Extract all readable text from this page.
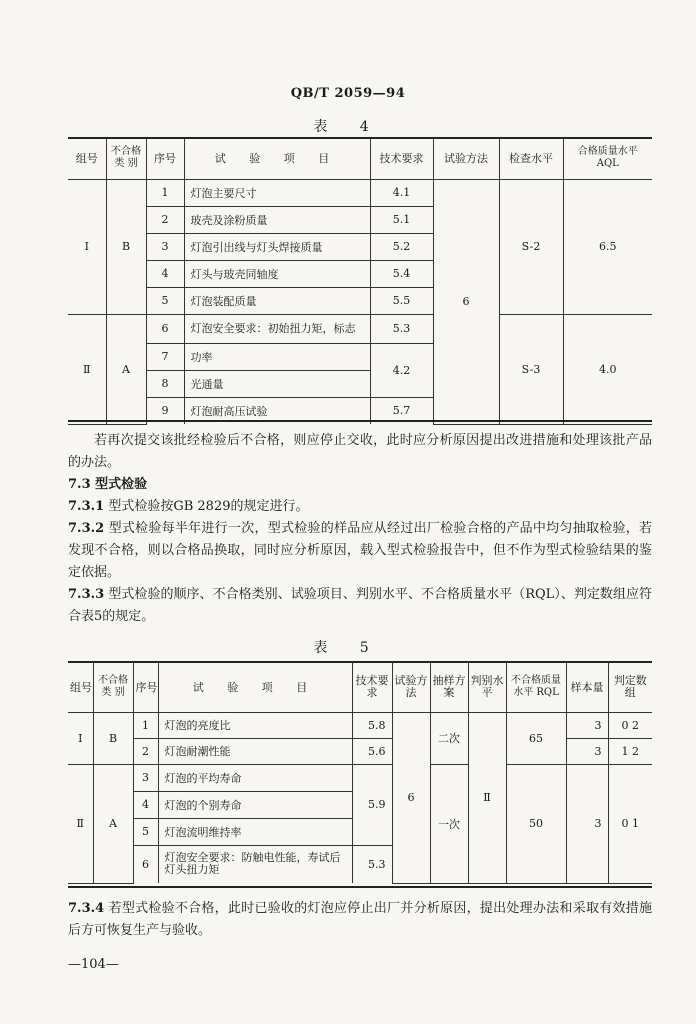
QB/T 2059—94
表 4
组号	不合格类 别	序号	试 验 项 目	技术要求	试验方法	检查水平	合格质量水平 AQL
Ⅰ	B	1	灯泡主要尺寸	4.1	6	S-2	6.5
		2	玻壳及涂粉质量	5.1			
		3	灯泡引出线与灯头焊接质量	5.2			
		4	灯头与玻壳同轴度	5.4			
		5	灯泡装配质量	5.5			
Ⅱ	A	6	灯泡安全要求：初始扭力矩，标志	5.3		S-3	4.0
		7	功率	4.2			
		8	光通量				
		9	灯泡耐高压试验	5.7			
若再次提交该批经检验后不合格，则应停止交收，此时应分析原因提出改进措施和处理该批产品的办法。
7.3 型式检验
7.3.1 型式检验按GB 2829的规定进行。
7.3.2 型式检验每半年进行一次，型式检验的样品应从经过出厂检验合格的产品中均匀抽取检验，若发现不合格，则以合格品换取，同时应分析原因，载入型式检验报告中，但不作为型式检验结果的鉴定依据。
7.3.3 型式检验的顺序、不合格类别、试验项目、判别水平、不合格质量水平（RQL）、判定数组应符合表5的规定。
表 5
组号	不合格类 别	序号	试 验 项 目	技术要求	试验方法	抽样方案	判别水平	不合格质量水平 RQL	样本量	判定数组
Ⅰ	B	1	灯泡的亮度比	5.8	6	二次	Ⅱ	65	3	0 2
		2	灯泡耐潮性能	5.6					3	1 2
Ⅱ	A	3	灯泡的平均寿命	5.9		一次		50	3	0 1
		4	灯泡的个别寿命							
		5	灯泡流明维持率							
		6	灯泡安全要求：防触电性能，寿试后灯头扭力矩	5.3						
7.3.4 若型式检验不合格，此时已验收的灯泡应停止出厂并分析原因，提出处理办法和采取有效措施后方可恢复生产与验收。
—104—
